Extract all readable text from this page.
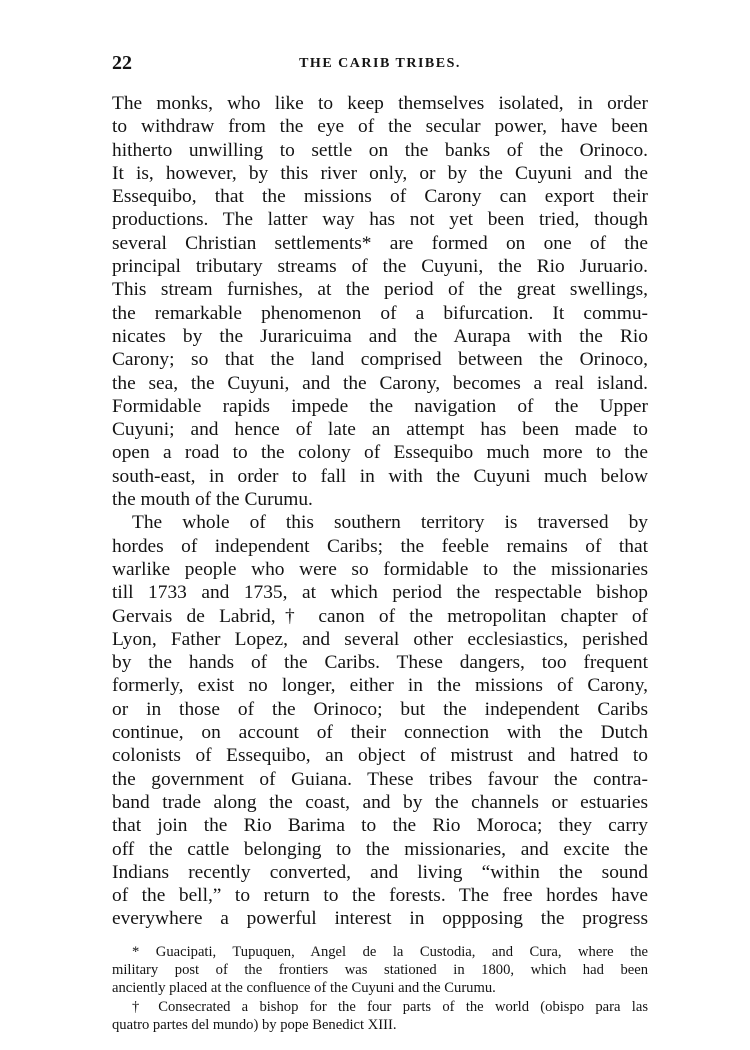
22	THE CARIB TRIBES.
The monks, who like to keep themselves isolated, in order
to withdraw from the eye of the secular power, have been
hitherto unwilling to settle on the banks of the Orinoco.
It is, however, by this river only, or by the Cuyuni and the
Essequibo, that the missions of Carony can export their
productions. The latter way has not yet been tried, though
several Christian settlements* are formed on one of the
principal tributary streams of the Cuyuni, the Rio Juruario.
This stream furnishes, at the period of the great swellings,
the remarkable phenomenon of a bifurcation. It commu-
nicates by the Juraricuima and the Aurapa with the Rio
Carony; so that the land comprised between the Orinoco,
the sea, the Cuyuni, and the Carony, becomes a real island.
Formidable rapids impede the navigation of the Upper
Cuyuni; and hence of late an attempt has been made to
open a road to the colony of Essequibo much more to the
south-east, in order to fall in with the Cuyuni much below
the mouth of the Curumu.
The whole of this southern territory is traversed by
hordes of independent Caribs; the feeble remains of that
warlike people who were so formidable to the missionaries
till 1733 and 1735, at which period the respectable bishop
Gervais de Labrid,† canon of the metropolitan chapter of
Lyon, Father Lopez, and several other ecclesiastics, perished
by the hands of the Caribs. These dangers, too frequent
formerly, exist no longer, either in the missions of Carony,
or in those of the Orinoco; but the independent Caribs
continue, on account of their connection with the Dutch
colonists of Essequibo, an object of mistrust and hatred to
the government of Guiana. These tribes favour the contra-
band trade along the coast, and by the channels or estuaries
that join the Rio Barima to the Rio Moroca; they carry
off the cattle belonging to the missionaries, and excite the
Indians recently converted, and living “within the sound
of the bell,” to return to the forests. The free hordes have
everywhere a powerful interest in oppposing the progress
* Guacipati, Tupuquen, Angel de la Custodia, and Cura, where the
military post of the frontiers was stationed in 1800, which had been
anciently placed at the confluence of the Cuyuni and the Curumu.
† Consecrated a bishop for the four parts of the world (obispo para las
quatro partes del mundo) by pope Benedict XIII.
